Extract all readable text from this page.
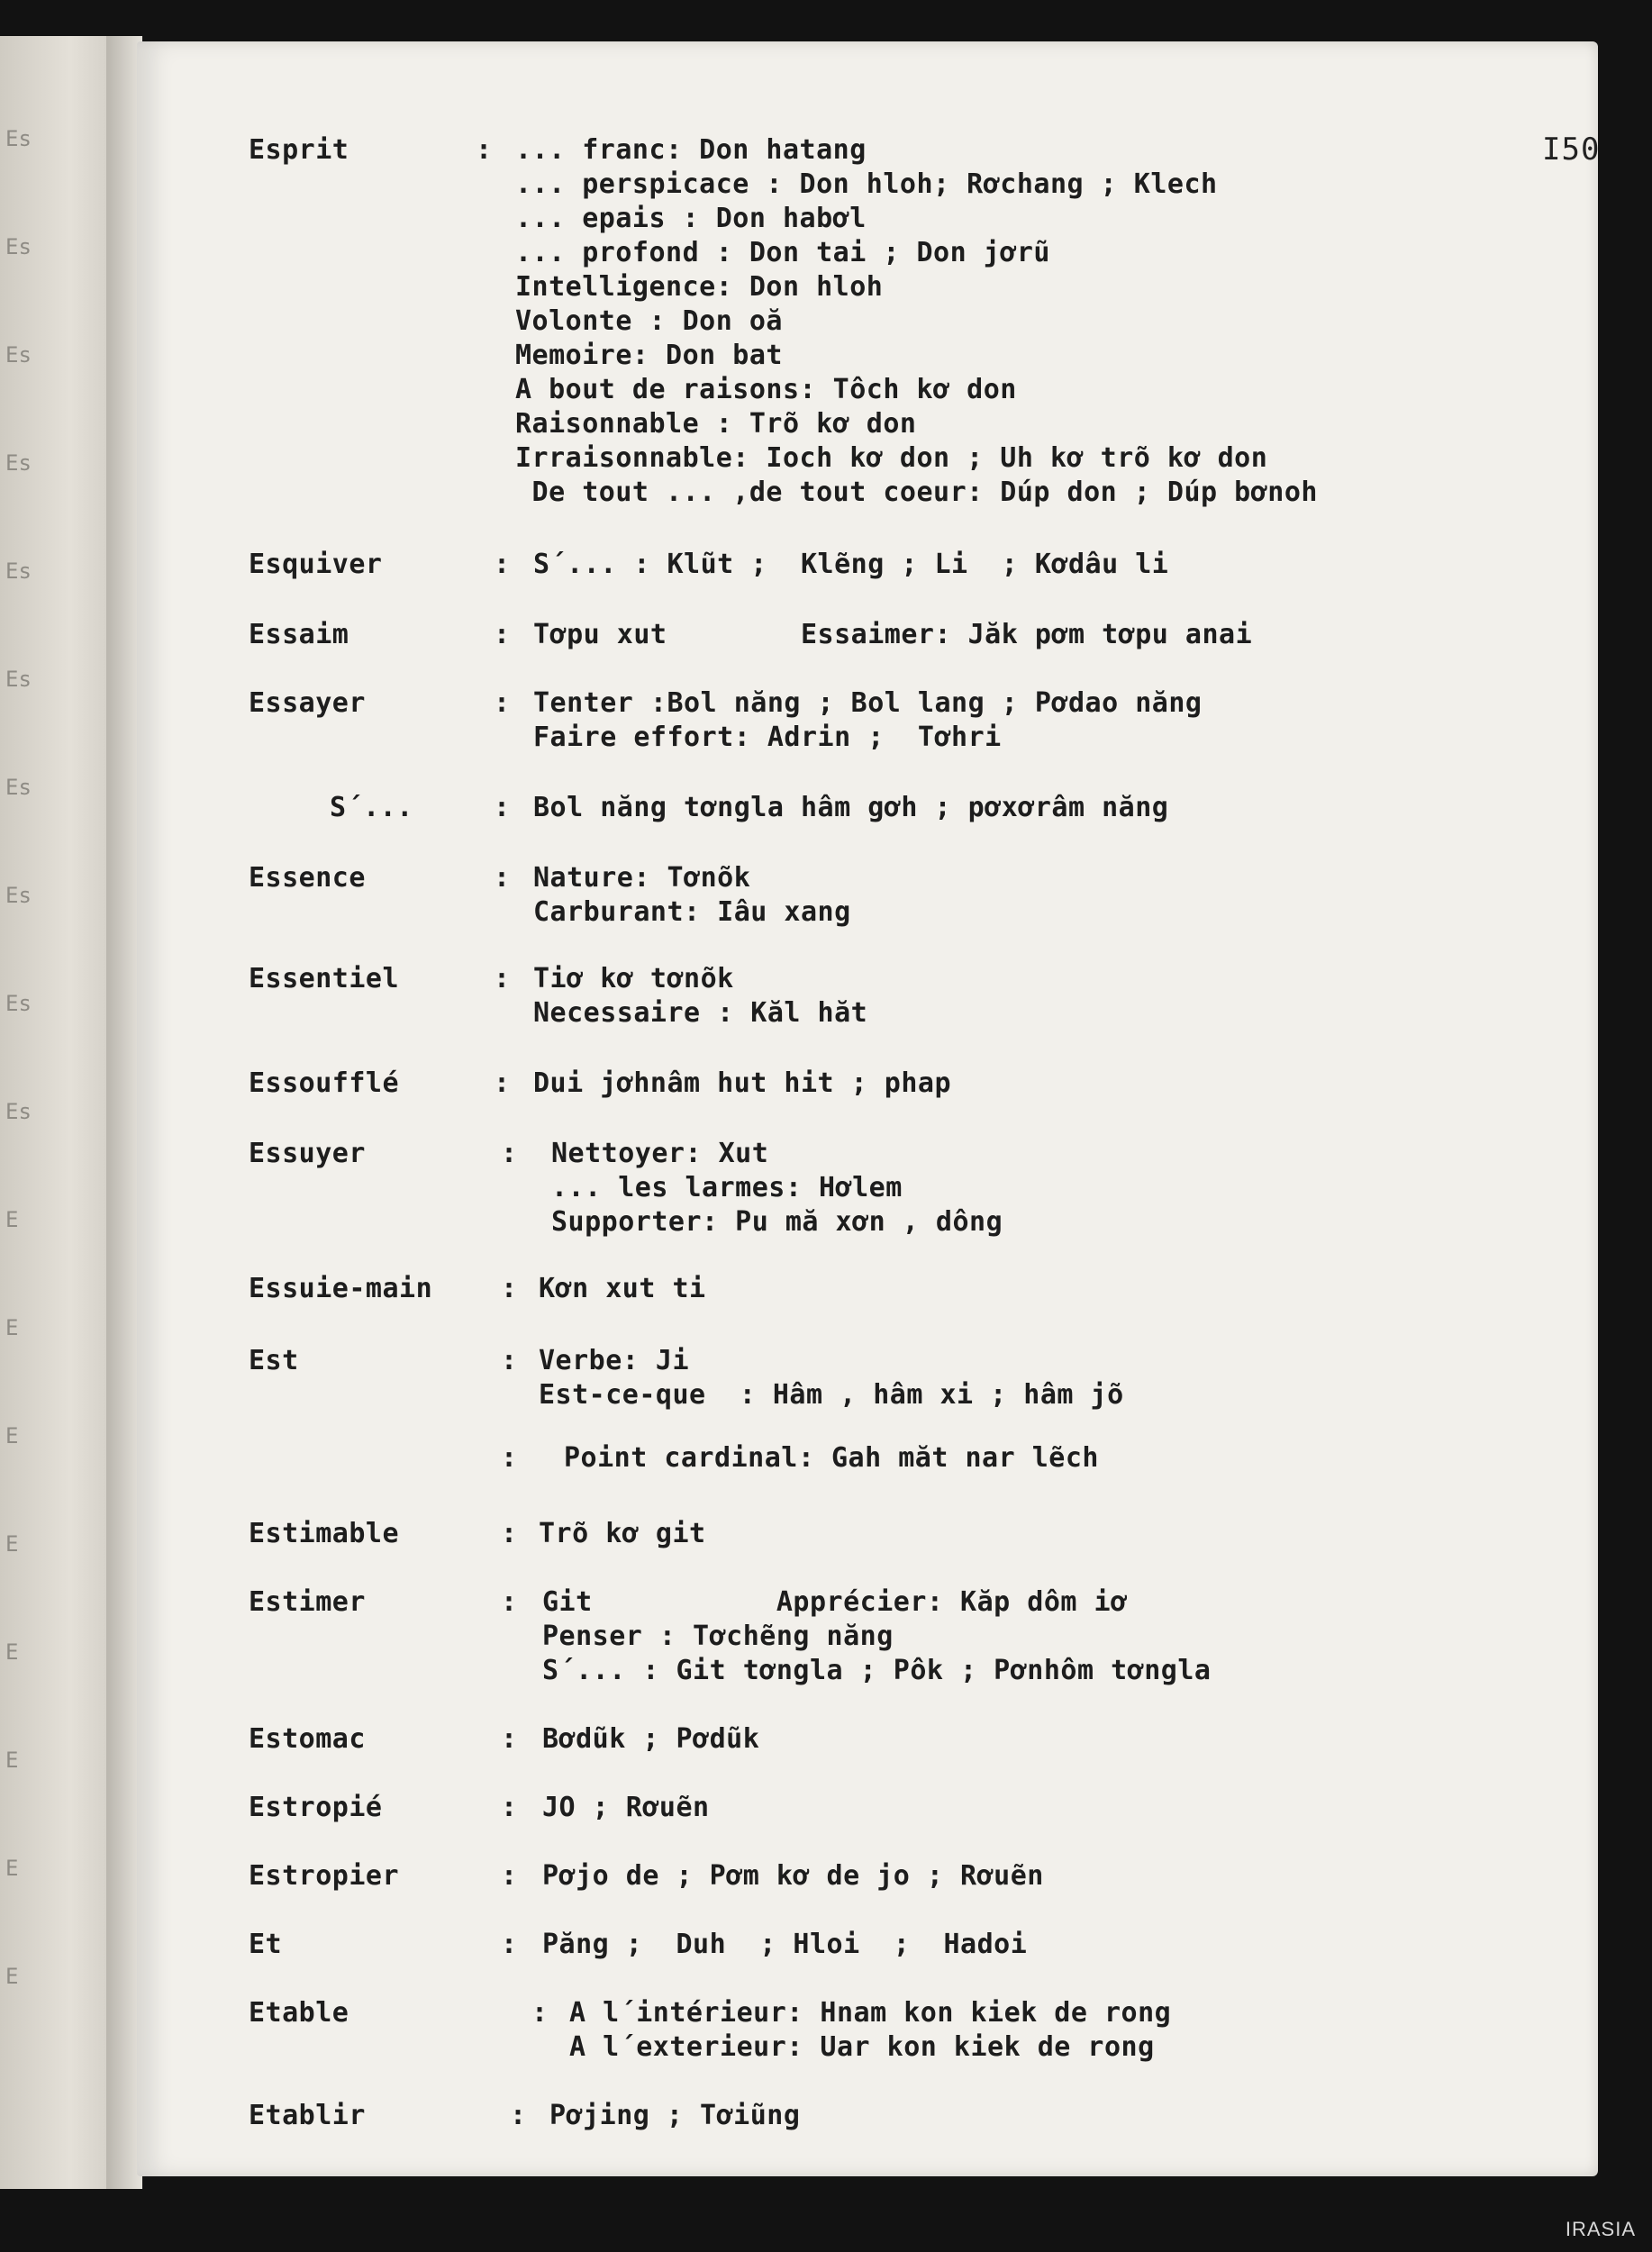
Es
Es
Es
Es
Es
Es
Es
Es
Es
Es
E
E
E
E
E
E
E
E
I50
Esprit	: ... franc: Don hatang
... perspicace : Don hloh; Rơchang ; Klech
... epais : Don habơl
... profond : Don tai ; Don jơrũ
Intelligence: Don hloh
Volonte : Don oă
Memoire: Don bat
A bout de raisons: Tôch kơ don
Raisonnable : Trõ kơ don
Irraisonnable: Ioch kơ don ; Uh kơ trõ kơ don
De tout ... ,de tout coeur: Dúp don ; Dúp bơnoh
Esquiver	: S´... : Klũt ;  Klẽng ; Li  ; Kơdâu li
Essaim	: Tơpu xut        Essaimer: Jăk pơm tơpu anai
Essayer	: Tenter :Bol năng ; Bol lang ; Pơdao năng
Faire effort: Adrin ;  Tơhri
S´...	: Bol năng tơngla hâm gơh ; pơxơrâm năng
Essence	: Nature: Tơnõk
Carburant: Iâu xang
Essentiel	: Tiơ kơ tơnõk
Necessaire : Kăl hăt
Essoufflé	: Dui jơhnâm hut hit ; phap
Essuyer	: Nettoyer: Xut
... les larmes: Hơlem
Supporter: Pu mă xơn , dông
Essuie-main	: Kơn xut ti
Est	: Verbe: Ji
Est-ce-que  : Hâm , hâm xi ; hâm jõ
: Point cardinal: Gah măt nar lẽch
Estimable	: Trõ kơ git
Estimer	: Git           Apprécier: Kăp dôm iơ
Penser : Tơchẽng năng
S´... : Git tơngla ; Pôk ; Pơnhôm tơngla
Estomac	: Bơdũk ; Pơdũk
Estropié	: JO ; Rơuẽn
Estropier	: Pơjo de ; Pơm kơ de jo ; Rơuẽn
Et	: Păng ;  Duh  ; Hloi  ;  Hadoi
Etable	: A l´intérieur: Hnam kon kiek de rong
A l´exterieur: Uar kon kiek de rong
Etablir	: Pơjing ; Tơiũng
IRASIA
